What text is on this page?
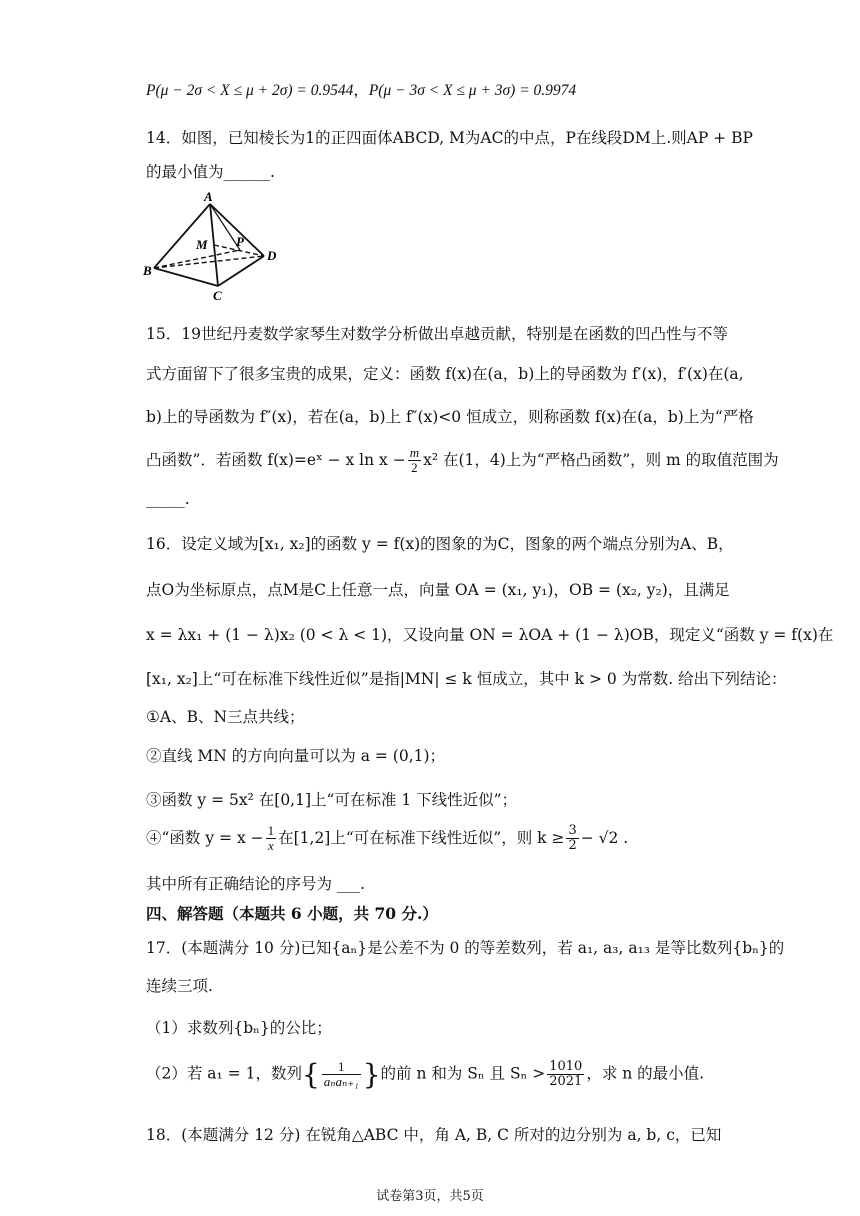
P(μ − 2σ < X ≤ μ + 2σ) = 0.9544，P(μ − 3σ < X ≤ μ + 3σ) = 0.9974
14．如图，已知棱长为1的正四面体ABCD, M为AC的中点，P在线段DM上.则AP + BP
的最小值为______.
A
B
C
D
M P
15．19世纪丹麦数学家琴生对数学分析做出卓越贡献，特别是在函数的凹凸性与不等
式方面留下了很多宝贵的成果，定义：函数 f(x)在(a，b)上的导函数为 f′(x)，f′(x)在(a,
b)上的导函数为 f″(x)，若在(a，b)上 f″(x)<0 恒成立，则称函数 f(x)在(a，b)上为“严格
凸函数”．若函数 f(x)=eˣ − x $\ln x - \frac{m}{2} x^2$ 在(1，4)上为“严格凸函数”，则 m 的取值范围为
_____.
16．设定义域为[x₁, x₂]的函数 y = f(x)的图象的为C，图象的两个端点分别为A、B，
点O为坐标原点，点M是C上任意一点，向量 OA = (x₁, y₁)，OB = (x₂, y₂)，且满足
x = λx₁ + (1 − λ)x₂ (0 < λ < 1)，又设向量 ON = λOA + (1 − λ)OB，现定义“函数 y = f(x)在
[x₁, x₂]上“可在标准下线性近似”是指|MN| ≤ k 恒成立，其中 k > 0 为常数. 给出下列结论：
①A、B、N三点共线；
②直线 MN 的方向向量可以为 a = (0,1)；
③函数 y = 5x² 在[0,1]上“可在标准 1 下线性近似”；
④“函数 $y = x - \frac{1}{x}$ 在[1,2]上“可在标准下线性近似”，则 $k \ge \frac{3}{2} - √2$ .
其中所有正确结论的序号为 ___.
四、解答题（本题共 6 小题，共 70 分.）
17．(本题满分 10 分)已知{aₙ}是公差不为 0 的等差数列，若 a₁, a₃, a₁₃ 是等比数列{bₙ}的
连续三项.
（1）求数列{bₙ}的公比；
（2）若 a₁ = 1，数列{ $\frac{1}{\text{aₙaₙ₊₁}}$ }的前 n 和为 Sₙ 且 $S_n > \frac{1010}{2021}$ ，求 n 的最小值.
18．(本题满分 12 分) 在锐角△ABC 中，角 A, B, C 所对的边分别为 a, b, c，已知
试卷第3页，共5页
